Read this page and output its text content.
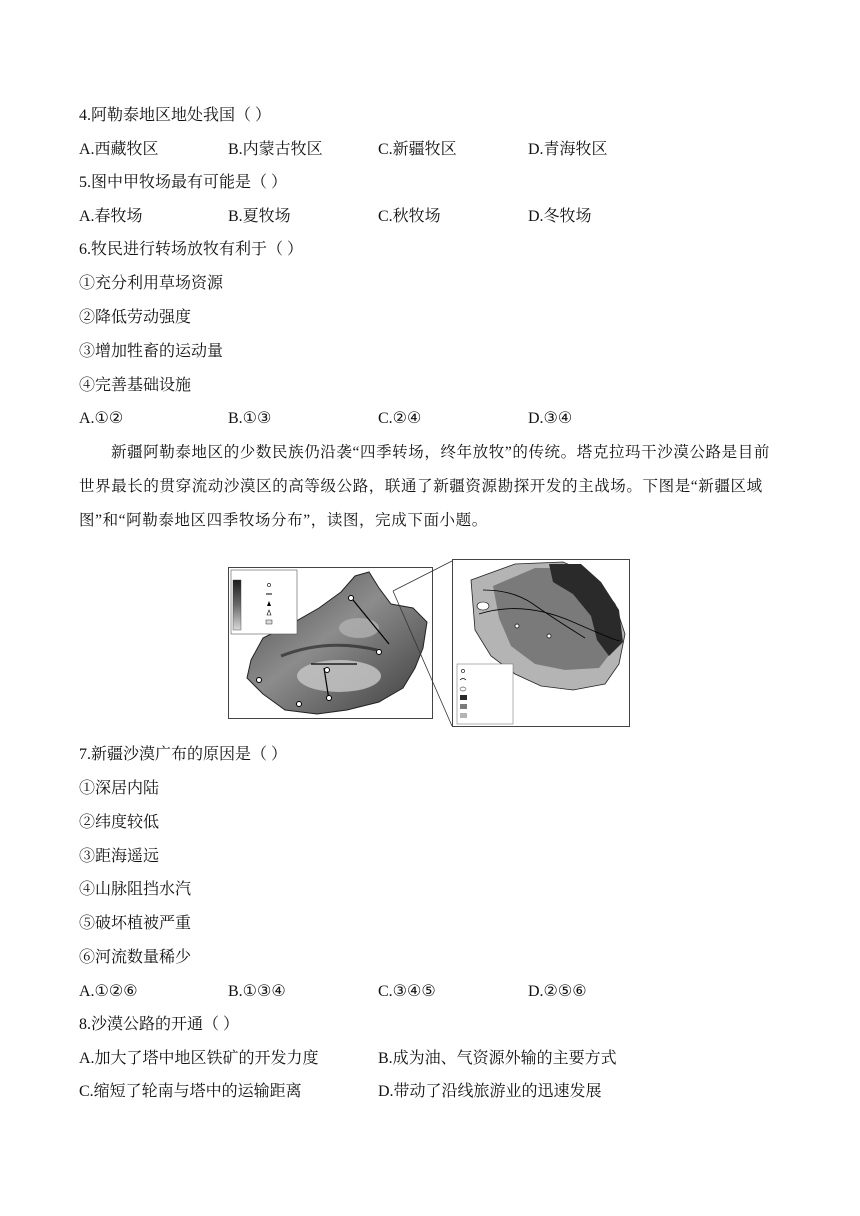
4.阿勒泰地区地处我国（ ）
A.西藏牧区	B.内蒙古牧区	C.新疆牧区	D.青海牧区
5.图中甲牧场最有可能是（ ）
A.春牧场	B.夏牧场	C.秋牧场	D.冬牧场
6.牧民进行转场放牧有利于（ ）
①充分利用草场资源
②降低劳动强度
③增加牲畜的运动量
④完善基础设施
A.①②	B.①③	C.②④	D.③④
新疆阿勒泰地区的少数民族仍沿袭“四季转场，终年放牧”的传统。塔克拉玛干沙漠公路是目前世界最长的贯穿流动沙漠区的高等级公路，联通了新疆资源勘探开发的主战场。下图是“新疆区域图”和“阿勒泰地区四季牧场分布”，读图，完成下面小题。
7.新疆沙漠广布的原因是（ ）
①深居内陆
②纬度较低
③距海遥远
④山脉阻挡水汽
⑤破坏植被严重
⑥河流数量稀少
A.①②⑥	B.①③④	C.③④⑤	D.②⑤⑥
8.沙漠公路的开通（ ）
A.加大了塔中地区铁矿的开发力度	B.成为油、气资源外输的主要方式
C.缩短了轮南与塔中的运输距离	D.带动了沿线旅游业的迅速发展
